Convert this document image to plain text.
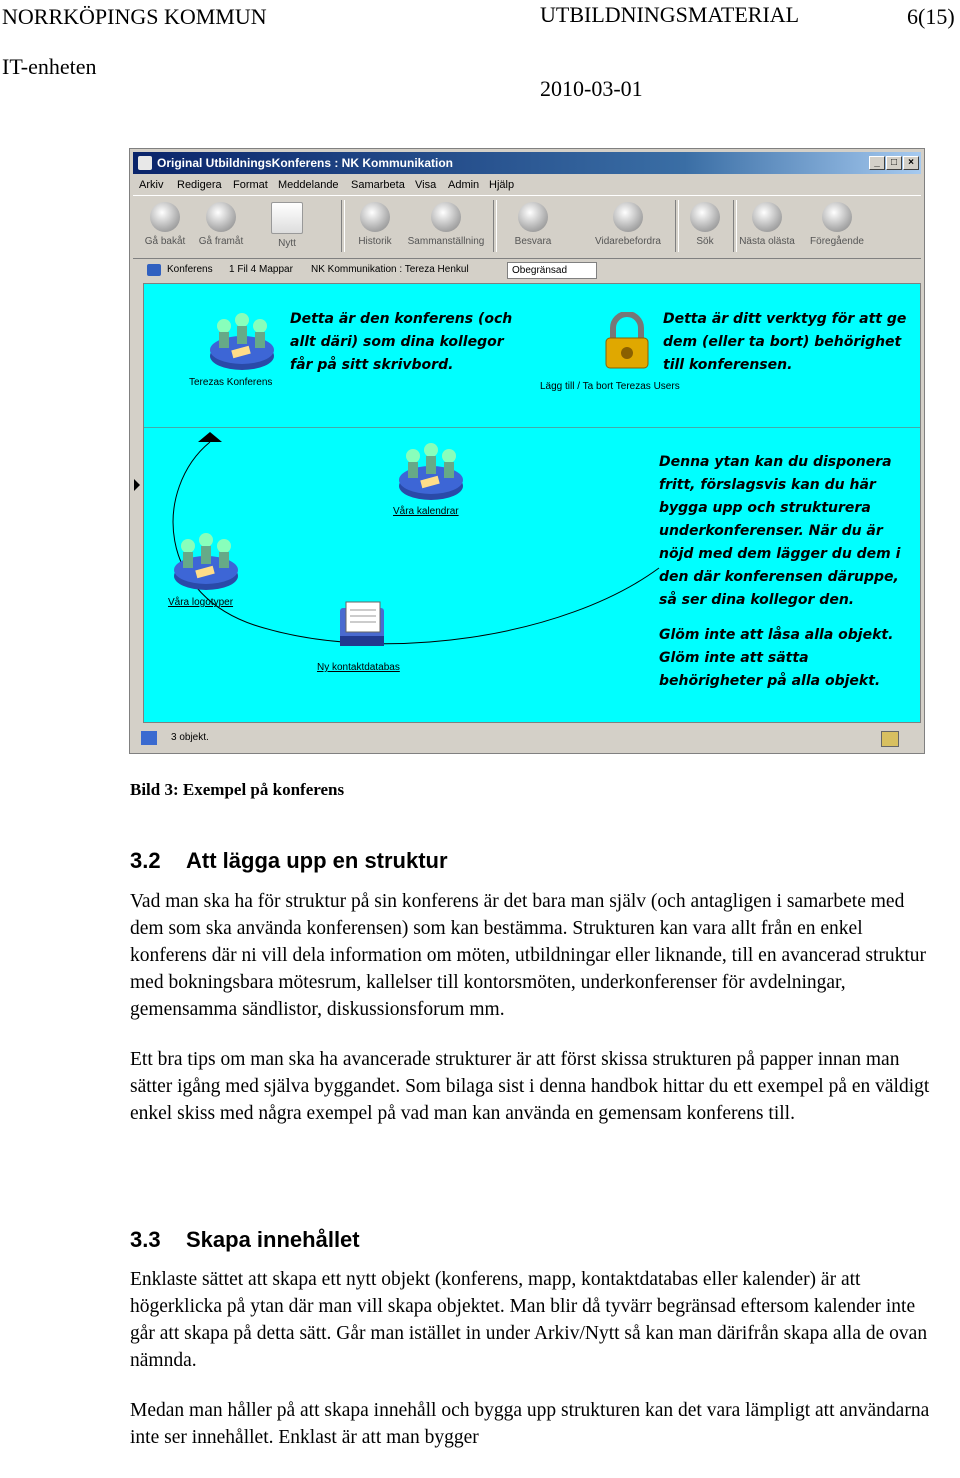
NORRKÖPINGS KOMMUN	UTBILDNINGSMATERIAL	6(15)
IT-enheten
2010-03-01
Original UtbildningsKonferens : NK Kommunikation	_	□	×
Arkiv Redigera Format Meddelande Samarbeta Visa Admin Hjälp
Gå bakåt	Gå framåt	Nytt	Historik	Sammanställning	Besvara	Vidarebefordra	Sök	Nästa olästa Föregående
Konferens 1 Fil 4 Mappar NK Kommunikation : Tereza Henkul	Obegränsad
Terezas Konferens
Detta är den konferens (och
allt däri) som dina kollegor
får på sitt skrivbord.
Lägg till / Ta bort Terezas Users
Detta är ditt verktyg för att ge
dem (eller ta bort) behörighet
till konferensen.
Våra kalendrar
Våra logotyper
Ny kontaktdatabas
Denna ytan kan du disponera
fritt, förslagsvis kan du här
bygga upp och strukturera
underkonferenser. När du är
nöjd med dem lägger du dem i
den där konferensen däruppe,
så ser dina kollegor den.
Glöm inte att låsa alla objekt.
Glöm inte att sätta
behörigheter på alla objekt.
3 objekt.
Bild 3: Exempel på konferens
3.2 Att lägga upp en struktur

Vad man ska ha för struktur på sin konferens är det bara man själv (och antagligen i samarbete med dem som ska använda konferensen) som kan bestämma. Strukturen kan vara allt från en enkel konferens där ni vill dela information om möten, utbildningar eller liknande, till en avancerad struktur med bokningsbara mötesrum, kallelser till kontorsmöten, underkonferenser för avdelningar, gemensamma sändlistor, diskussionsforum mm.

Ett bra tips om man ska ha avancerade strukturer är att först skissa strukturen på papper innan man sätter igång med själva byggandet. Som bilaga sist i denna handbok hittar du ett exempel på en väldigt enkel skiss med några exempel på vad man kan använda en gemensam konferens till.

3.3 Skapa innehållet

Enklaste sättet att skapa ett nytt objekt (konferens, mapp, kontaktdatabas eller kalender) är att högerklicka på ytan där man vill skapa objektet. Man blir då tyvärr begränsad eftersom kalender inte går att skapa på detta sätt. Går man istället in under Arkiv/Nytt så kan man därifrån skapa alla de ovan nämnda.

Medan man håller på att skapa innehåll och bygga upp strukturen kan det vara lämpligt att användarna inte ser innehållet. Enklast är att man bygger
